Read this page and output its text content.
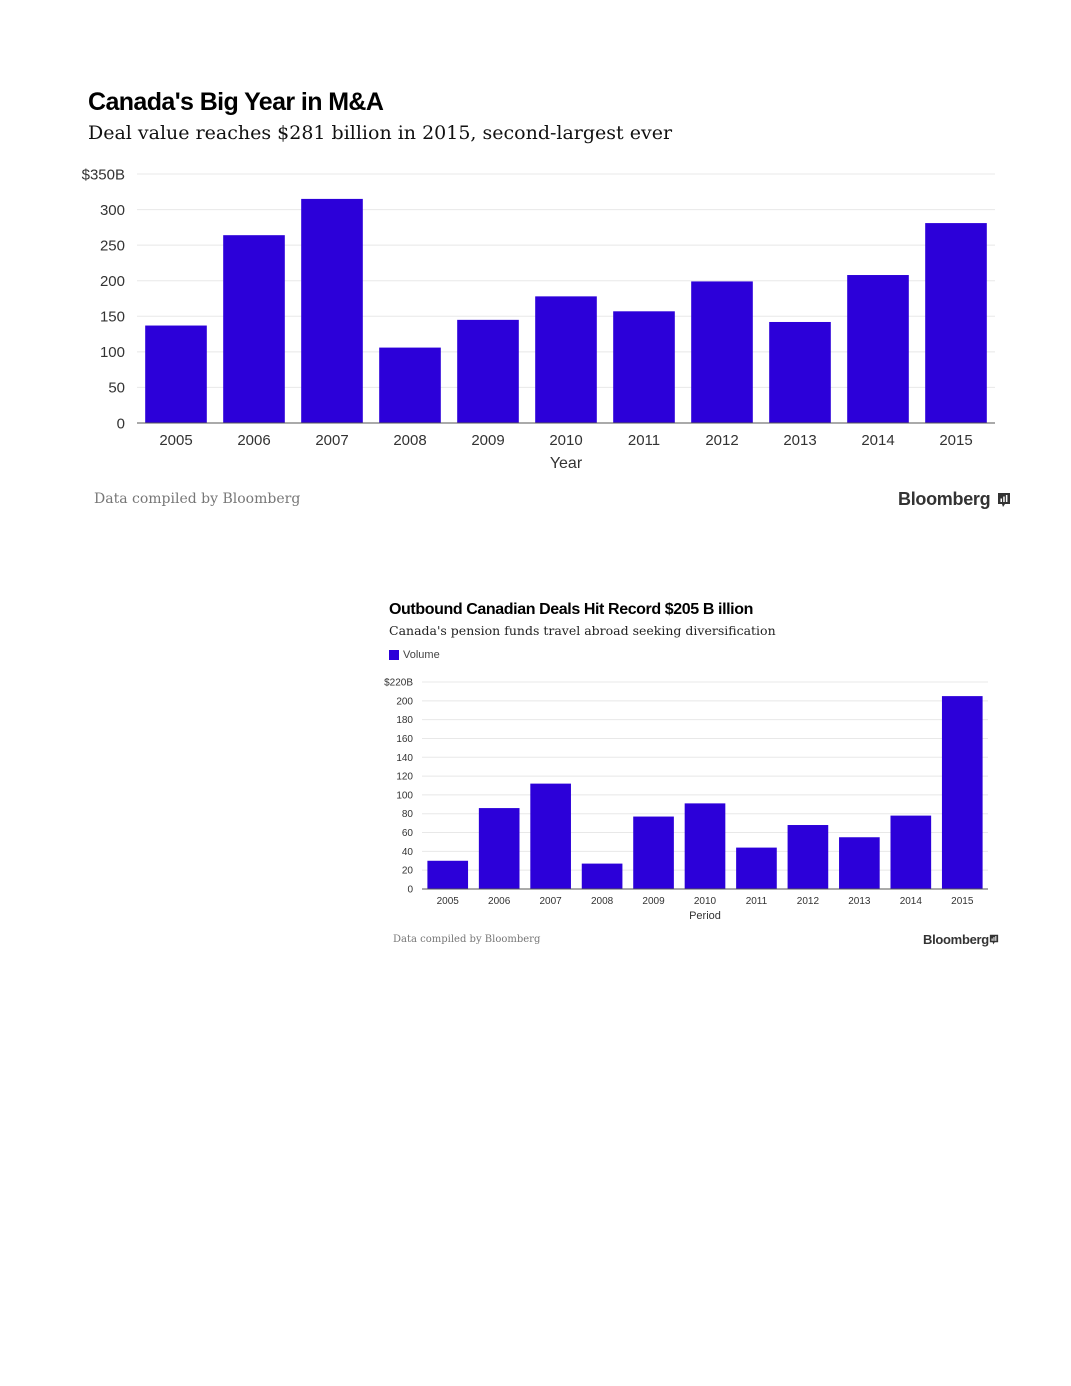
Canada's Big Year in M&A

Deal value reaches $281 billion in 2015, second-largest ever

0
50
100
150
200
250
300
$350B
2005	2006	2007	2008	2009	2010	2011	2012	2013	2014	2015
Year
Data compiled by Bloomberg	Bloomberg
Outbound Canadian Deals Hit Record $205 B illion

Canada's pension funds travel abroad seeking diversification

Volume
0
20
40
60
80
100
120
140
160
180
200
$220B
2005	2006	2007	2008	2009	2010	2011	2012	2013	2014	2015
Period
Data compiled by Bloomberg	Bloomberg
